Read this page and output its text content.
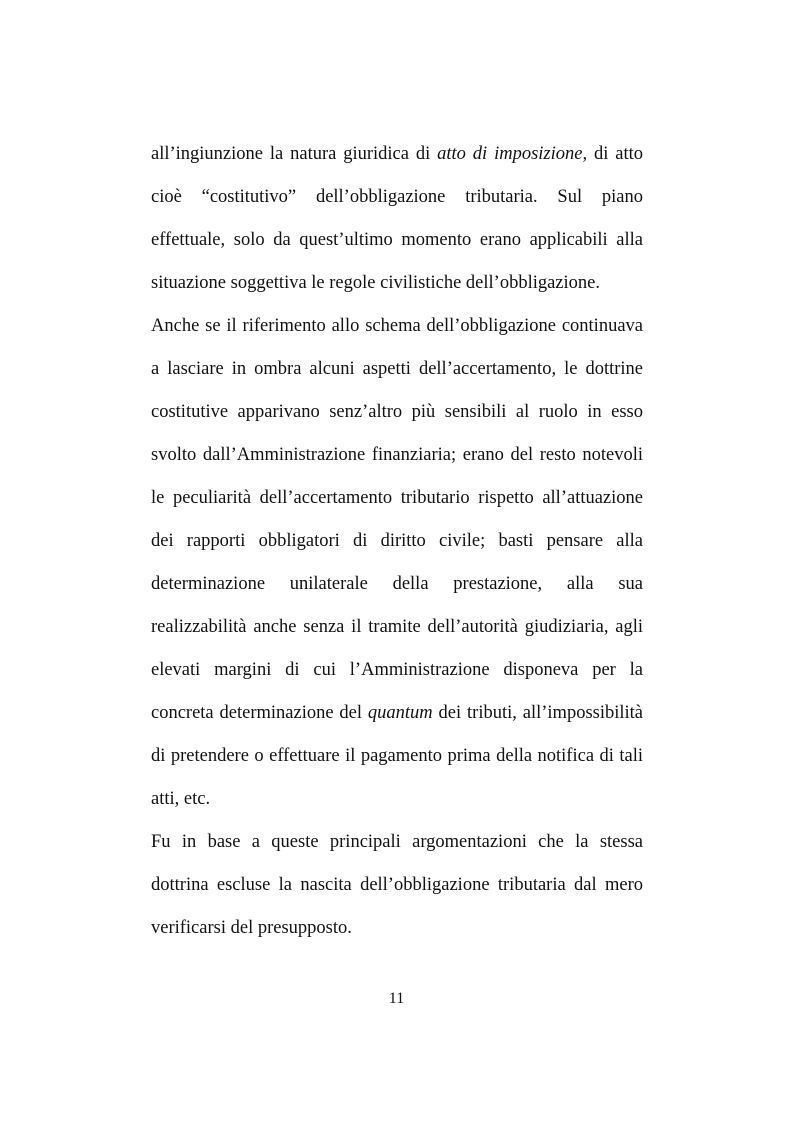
all’ingiunzione la natura giuridica di atto di imposizione, di atto
cioè “costitutivo” dell’obbligazione tributaria. Sul piano
effettuale, solo da quest’ultimo momento erano applicabili alla
situazione soggettiva le regole civilistiche dell’obbligazione.
Anche se il riferimento allo schema dell’obbligazione continuava
a lasciare in ombra alcuni aspetti dell’accertamento, le dottrine
costitutive apparivano senz’altro più sensibili al ruolo in esso
svolto dall’Amministrazione finanziaria; erano del resto notevoli
le peculiarità dell’accertamento tributario rispetto all’attuazione
dei rapporti obbligatori di diritto civile; basti pensare alla
determinazione unilaterale della prestazione, alla sua
realizzabilità anche senza il tramite dell’autorità giudiziaria, agli
elevati margini di cui l’Amministrazione disponeva per la
concreta determinazione del quantum dei tributi, all’impossibilità
di pretendere o effettuare il pagamento prima della notifica di tali
atti, etc.
Fu in base a queste principali argomentazioni che la stessa
dottrina escluse la nascita dell’obbligazione tributaria dal mero
verificarsi del presupposto.
11
